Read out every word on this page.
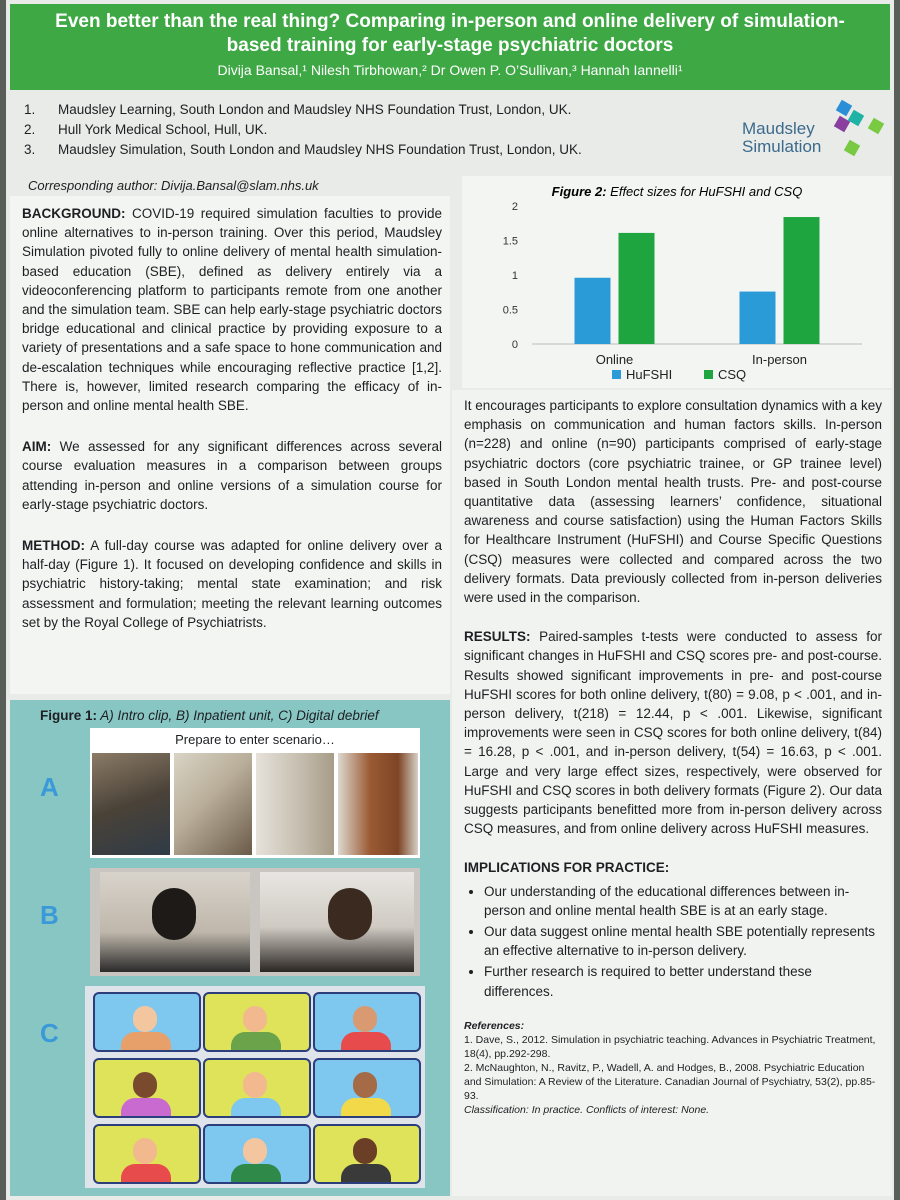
Even better than the real thing? Comparing in-person and online delivery of simulation-based training for early-stage psychiatric doctors
Divija Bansal,¹ Nilesh Tirbhowan,² Dr Owen P. O’Sullivan,³ Hannah Iannelli¹
1.	Maudsley Learning, South London and Maudsley NHS Foundation Trust, London, UK.
2.	Hull York Medical School, Hull, UK.
3.	Maudsley Simulation, South London and Maudsley NHS Foundation Trust, London, UK.
Maudsley
Simulation
Corresponding author: Divija.Bansal@slam.nhs.uk

BACKGROUND: COVID-19 required simulation faculties to provide online alternatives to in-person training. Over this period, Maudsley Simulation pivoted fully to online delivery of mental health simulation-based education (SBE), defined as delivery entirely via a videoconferencing platform to participants remote from one another and the simulation team. SBE can help early-stage psychiatric doctors bridge educational and clinical practice by providing exposure to a variety of presentations and a safe space to hone communication and de-escalation techniques while encouraging reflective practice [1,2]. There is, however, limited research comparing the efficacy of in-person and online mental health SBE.

AIM: We assessed for any significant differences across several course evaluation measures in a comparison between groups attending in-person and online versions of a simulation course for early-stage psychiatric doctors.

METHOD: A full-day course was adapted for online delivery over a half-day (Figure 1). It focused on developing confidence and skills in psychiatric history-taking; mental state examination; and risk assessment and formulation; meeting the relevant learning outcomes set by the Royal College of Psychiatrists.

Figure 1: A) Intro clip, B) Inpatient unit, C) Digital debrief
A
B
C
Prepare to enter scenario…
Figure 2: Effect sizes for HuFSHI and CSQ
0
0.5
1
1.5
2
Online	In-person
HuFSHI	CSQ

It encourages participants to explore consultation dynamics with a key emphasis on communication and human factors skills. In-person (n=228) and online (n=90) participants comprised of early-stage psychiatric doctors (core psychiatric trainee, or GP trainee level) based in South London mental health trusts. Pre- and post-course quantitative data (assessing learners’ confidence, situational awareness and course satisfaction) using the Human Factors Skills for Healthcare Instrument (HuFSHI) and Course Specific Questions (CSQ) measures were collected and compared across the two delivery formats. Data previously collected from in-person deliveries were used in the comparison.

RESULTS: Paired-samples t-tests were conducted to assess for significant changes in HuFSHI and CSQ scores pre- and post-course. Results showed significant improvements in pre- and post-course HuFSHI scores for both online delivery, t(80) = 9.08, p < .001, and in-person delivery, t(218) = 12.44, p < .001. Likewise, significant improvements were seen in CSQ scores for both online delivery, t(84) = 16.28, p < .001, and in-person delivery, t(54) = 16.63, p < .001. Large and very large effect sizes, respectively, were observed for HuFSHI and CSQ scores in both delivery formats (Figure 2). Our data suggests participants benefitted more from in-person delivery across CSQ measures, and from online delivery across HuFSHI measures.

IMPLICATIONS FOR PRACTICE:

• Our understanding of the educational differences between in-person and online mental health SBE is at an early stage.
• Our data suggest online mental health SBE potentially represents an effective alternative to in-person delivery.
• Further research is required to better understand these differences.
References:
1. Dave, S., 2012. Simulation in psychiatric teaching. Advances in Psychiatric Treatment, 18(4), pp.292-298.
2. McNaughton, N., Ravitz, P., Wadell, A. and Hodges, B., 2008. Psychiatric Education and Simulation: A Review of the Literature. Canadian Journal of Psychiatry, 53(2), pp.85-93.
Classification: In practice. Conflicts of interest: None.
